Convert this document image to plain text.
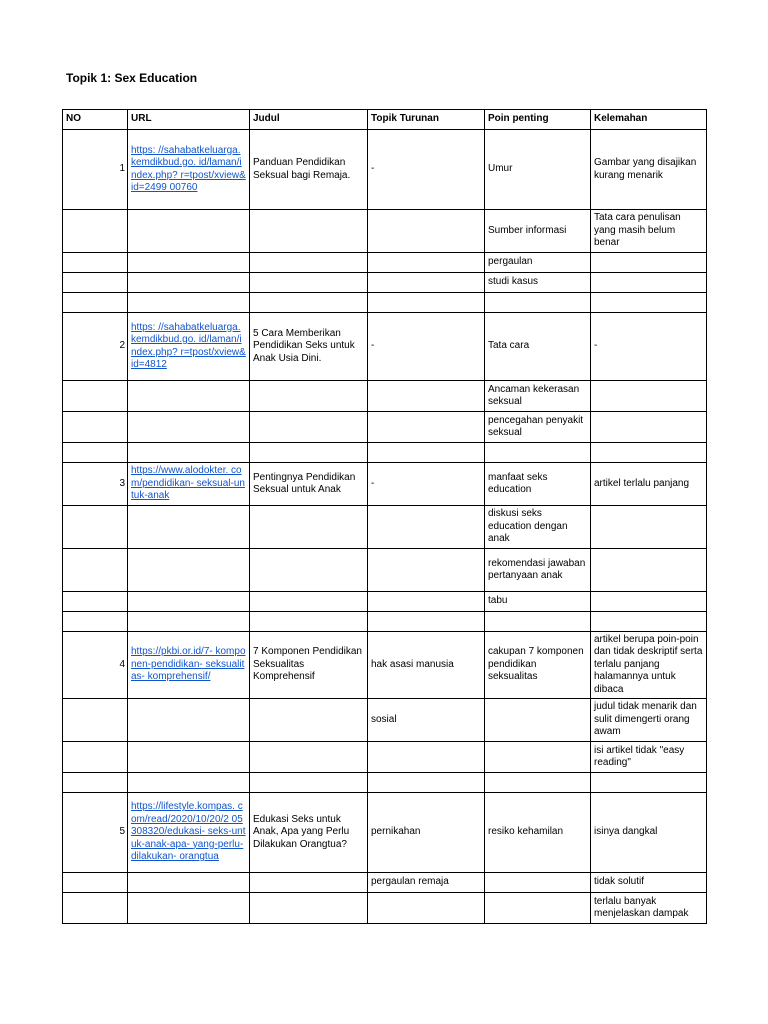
Topik 1: Sex Education
NO	URL	Judul	Topik Turunan	Poin penting	Kelemahan
1	https: //sahabatkeluarga. kemdikbud.go. id/laman/index.php? r=tpost/xview&id=2499 00760	Panduan Pendidikan Seksual bagi Remaja.	-	Umur	Gambar yang disajikan kurang menarik
				Sumber informasi	Tata cara penulisan yang masih belum benar
				pergaulan	
				studi kasus	

2	https: //sahabatkeluarga. kemdikbud.go. id/laman/index.php? r=tpost/xview&id=4812	5 Cara Memberikan Pendidikan Seks untuk Anak Usia Dini.	-	Tata cara	-
				Ancaman kekerasan seksual	
				pencegahan penyakit seksual	

3	https://www.alodokter. com/pendidikan- seksual-untuk-anak	Pentingnya Pendidikan Seksual untuk Anak	-	manfaat seks education	artikel terlalu panjang
				diskusi seks education dengan anak	
				rekomendasi jawaban pertanyaan anak	
				tabu	

4	https://pkbi.or.id/7- komponen-pendidikan- seksualitas- komprehensif/	7 Komponen Pendidikan Seksualitas Komprehensif	hak asasi manusia	cakupan 7 komponen pendidikan seksualitas	artikel berupa poin-poin dan tidak deskriptif serta terlalu panjang halamannya untuk dibaca
			sosial		judul tidak menarik dan sulit dimengerti orang awam
					isi artikel tidak "easy reading"

5	https://lifestyle.kompas. com/read/2020/10/20/2 05308320/edukasi- seks-untuk-anak-apa- yang-perlu-dilakukan- orangtua	Edukasi Seks untuk Anak, Apa yang Perlu Dilakukan Orangtua?	pernikahan	resiko kehamilan	isinya dangkal
			pergaulan remaja		tidak solutif
					terlalu banyak menjelaskan dampak
